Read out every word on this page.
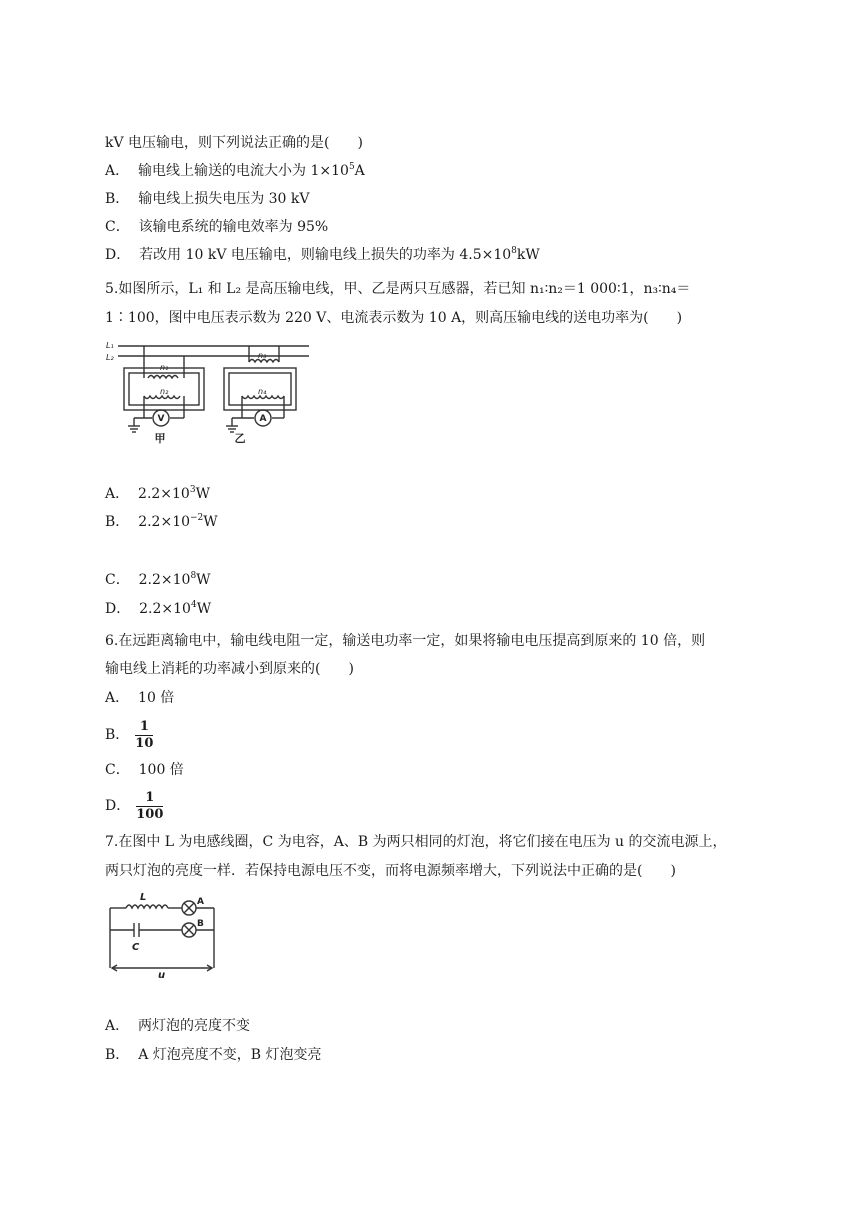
kV 电压输电，则下列说法正确的是(　　)
A． 输电线上输送的电流大小为 $1\times 10^5A$
B． 输电线上损失电压为 30 kV
C． 该输电系统的输电效率为 95%
D． 若改用 10 kV 电压输电，则输电线上损失的功率为 $4.5\times 10^8kW$
5.如图所示，L₁ 和 L₂ 是高压输电线，甲、乙是两只互感器，若已知 n₁∶n₂＝1 000∶1，n₃∶n₄＝
1∶100，图中电压表示数为 220 V、电流表示数为 10 A，则高压输电线的送电功率为(　　)
L₁
L₂
n₁
n₂
n₃
n₄
V	A
甲	乙
A． $2.2\times 10^3W$
B． $2.2\times 10^{-2}W$
C． $2.2\times 10^8W$
D． $2.2\times 10^4W$
6.在远距离输电中，输电线电阻一定，输送电功率一定，如果将输电电压提高到原来的 10 倍，则
输电线上消耗的功率减小到原来的(　　)
A． 10 倍
B． $\frac{1}{10}$
C． 100 倍
D． $\frac{1}{100}$
7.在图中 L 为电感线圈，C 为电容，A、B 为两只相同的灯泡，将它们接在电压为 u 的交流电源上，
两只灯泡的亮度一样．若保持电源电压不变，而将电源频率增大，下列说法中正确的是(　　)
L
C
u
A
B
A． 两灯泡的亮度不变
B． A 灯泡亮度不变，B 灯泡变亮
